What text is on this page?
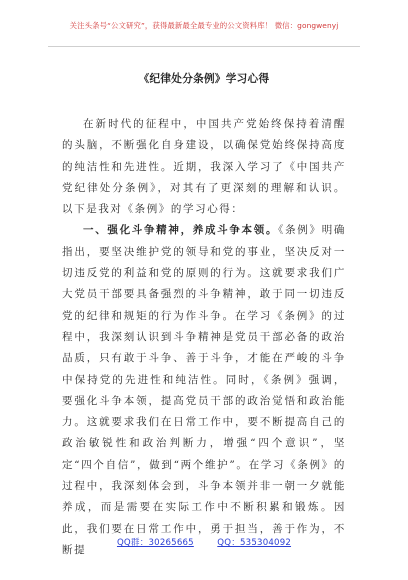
关注头条号“公文研究”，获得最新最全最专业的公文资料库！ 微信：gongwenyj
《纪律处分条例》学习心得

在新时代的征程中，中国共产党始终保持着清醒的头脑，不断强化自身建设，以确保党始终保持高度的纯洁性和先进性。近期，我深入学习了《中国共产党纪律处分条例》，对其有了更深刻的理解和认识。以下是我对《条例》的学习心得：

一、强化斗争精神，养成斗争本领。《条例》明确指出，要坚决维护党的领导和党的事业，坚决反对一切违反党的利益和党的原则的行为。这就要求我们广大党员干部要具备强烈的斗争精神，敢于同一切违反党的纪律和规矩的行为作斗争。在学习《条例》的过程中，我深刻认识到斗争精神是党员干部必备的政治品质，只有敢于斗争、善于斗争，才能在严峻的斗争中保持党的先进性和纯洁性。同时，《条例》强调，要强化斗争本领，提高党员干部的政治觉悟和政治能力。这就要求我们在日常工作中，要不断提高自己的政治敏锐性和政治判断力，增强“四个意识”，坚定“四个自信”，做到“两个维护”。在学习《条例》的过程中，我深刻体会到，斗争本领并非一朝一夕就能养成，而是需要在实际工作中不断积累和锻炼。因此，我们要在日常工作中，勇于担当，善于作为，不断提

QQ群：30265665	QQ：535304092
